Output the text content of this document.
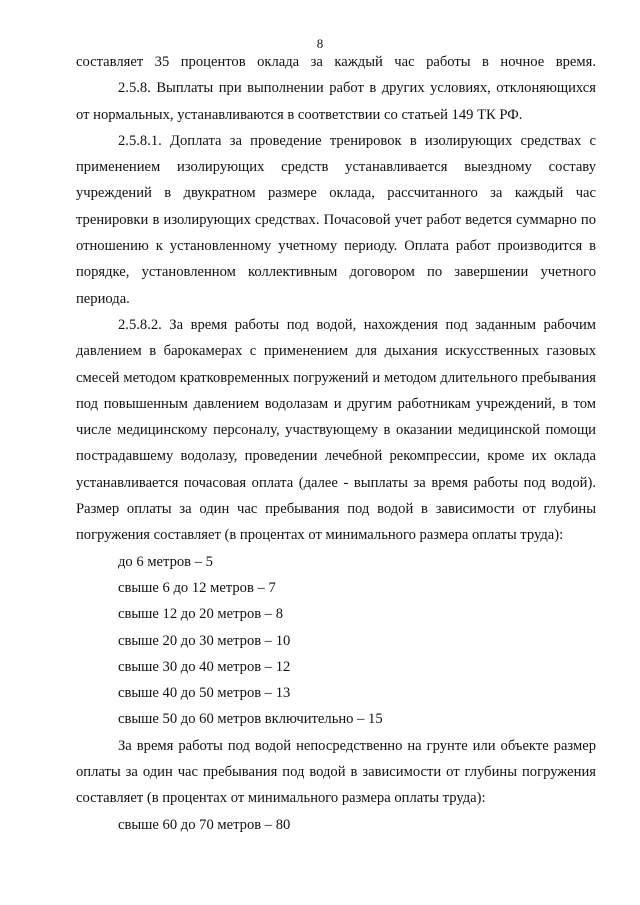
8

составляет 35 процентов оклада за каждый час работы в ночное время.

2.5.8. Выплаты при выполнении работ в других условиях, отклоняющихся от нормальных, устанавливаются в соответствии со статьей 149 ТК РФ.

2.5.8.1. Доплата за проведение тренировок в изолирующих средствах с применением изолирующих средств устанавливается выездному составу учреждений в двукратном размере оклада, рассчитанного за каждый час тренировки в изолирующих средствах. Почасовой учет работ ведется суммарно по отношению к установленному учетному периоду. Оплата работ производится в порядке, установленном коллективным договором по завершении учетного периода.

2.5.8.2. За время работы под водой, нахождения под заданным рабочим давлением в барокамерах с применением для дыхания искусственных газовых смесей методом кратковременных погружений и методом длительного пребывания под повышенным давлением водолазам и другим работникам учреждений, в том числе медицинскому персоналу, участвующему в оказании медицинской помощи пострадавшему водолазу, проведении лечебной рекомпрессии, кроме их оклада устанавливается почасовая оплата (далее - выплаты за время работы под водой). Размер оплаты за один час пребывания под водой в зависимости от глубины погружения составляет (в процентах от минимального размера оплаты труда):

до 6 метров – 5

свыше 6 до 12 метров – 7

свыше 12 до 20 метров – 8

свыше 20 до 30 метров – 10

свыше 30 до 40 метров – 12

свыше 40 до 50 метров – 13

свыше 50 до 60 метров включительно – 15

За время работы под водой непосредственно на грунте или объекте размер оплаты за один час пребывания под водой в зависимости от глубины погружения составляет (в процентах от минимального размера оплаты труда):

свыше 60 до 70 метров – 80
